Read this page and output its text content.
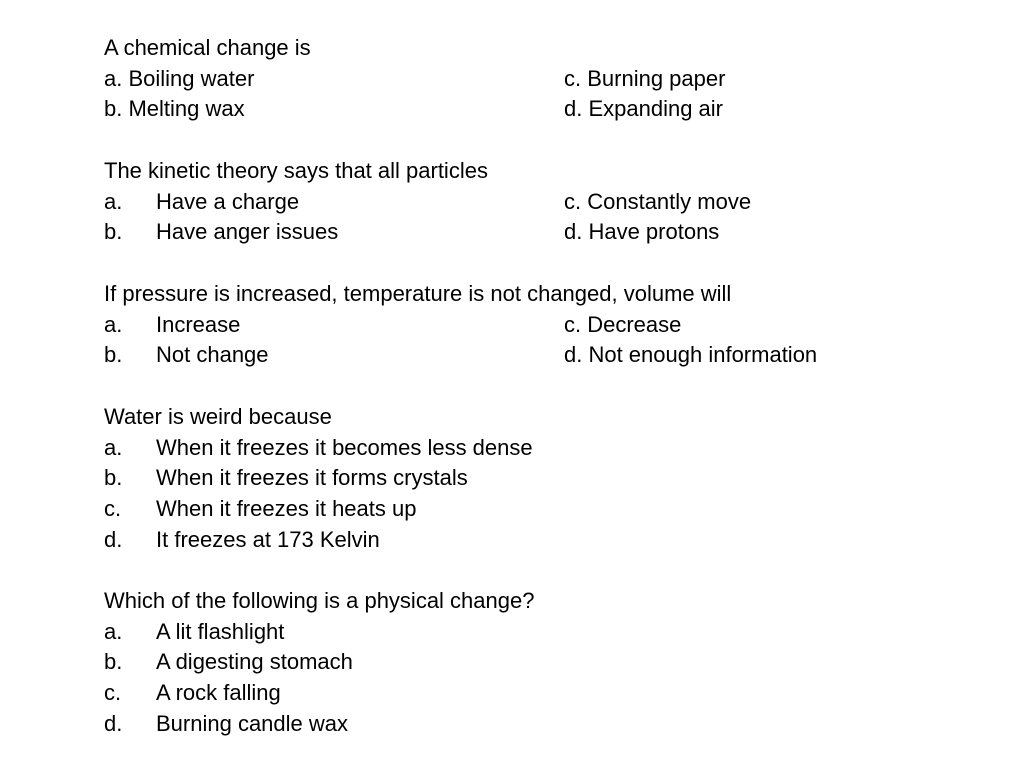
A chemical change is
a. Boiling water	c. Burning paper
b. Melting wax	d. Expanding air
The kinetic theory says that all particles
a. Have a charge	c. Constantly move
b. Have anger issues	d. Have protons
If pressure is increased, temperature is not changed, volume will
a. Increase	c. Decrease
b. Not change	d. Not enough information
Water is weird because
a. When it freezes it becomes less dense
b. When it freezes it forms crystals
c. When it freezes it heats up
d. It freezes at 173 Kelvin
Which of the following is a physical change?
a. A lit flashlight
b. A digesting stomach
c. A rock falling
d. Burning candle wax
